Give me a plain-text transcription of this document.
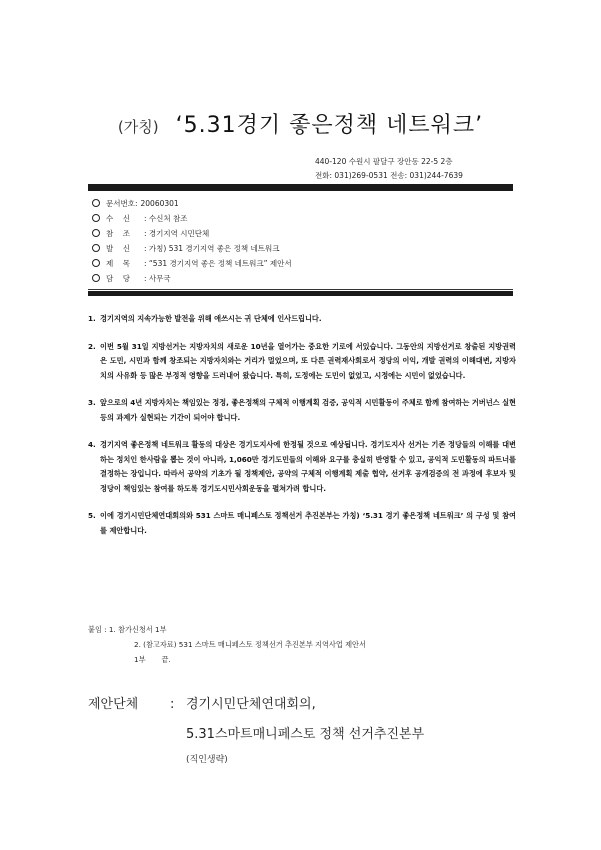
(가칭) ‘5.31경기 좋은정책 네트워크’
440-120 수원시 팔달구 장안동 22-5 2층
전화: 031)269-0531 전송: 031)244-7639
문서번호: 20060301
수    신	: 수신처 참조
참    조	: 경기지역 시민단체
발    신	: 가칭) 531 경기지역 좋은 정책 네트워크
제    목	: “531 경기지역 좋은 정책 네트워크” 제안서
담    당	: 사무국
1. 경기지역의 지속가능한 발전을 위해 애쓰시는 귀 단체에 인사드립니다.
2. 이번 5월 31일 지방선거는 지방자치의 새로운 10년을 열어가는 중요한 기로에 서있습니다. 그동안의 지방선거로 창출된 지방권력은 도민, 시민과 함께 창조되는 지방자치와는 거리가 멀었으며, 또 다른 권력재사회로서 정당의 이익, 개발 권력의 이해대변, 지방자치의 사유화 등 많은 부정적 영향을 드러내어 왔습니다. 특히, 도정에는 도민이 없었고, 시정에는 시민이 없었습니다.
3. 앞으로의 4년 지방자치는 책임있는 정정, 좋은정책의 구체적 이행계획 검증, 공익적 시민활동이 주체로 함께 참여하는 거버넌스 실현 등의 과제가 실현되는 기간이 되어야 합니다.
4. 경기지역 좋은정책 네트워크 활동의 대상은 경기도지사에 한정될 것으로 예상됩니다. 경기도지사 선거는 기존 정당들의 이해를 대변하는 정치인 한사람을 뽑는 것이 아니라, 1,060만 경기도민들의 이해와 요구를 충실히 반영할 수 있고, 공익적 도민활동의 파트너를 결정하는 장입니다. 따라서 공약의 기초가 될 정책제안, 공약의 구체적 이행계획 제출 협약, 선거후 공개검증의 전 과정에 후보자 및 정당이 책임있는 참여를 하도록 경기도시민사회운동을 펼쳐가려 합니다.
5. 이에 경기시민단체연대회의와 531 스마트 매니페스토 정책선거 추진본부는 가칭) ‘5.31 경기 좋은정책 네트워크’ 의 구성 및 참여를 제안합니다.
붙임 : 1. 참가신청서 1부
2. (참고자료) 531 스마트 매니페스토 정책선거 추진본부 지역사업 제안서
1부       끝.
제안단체 : 경기시민단체연대회의,
5.31스마트매니페스토 정책 선거추진본부
(직인생략)
